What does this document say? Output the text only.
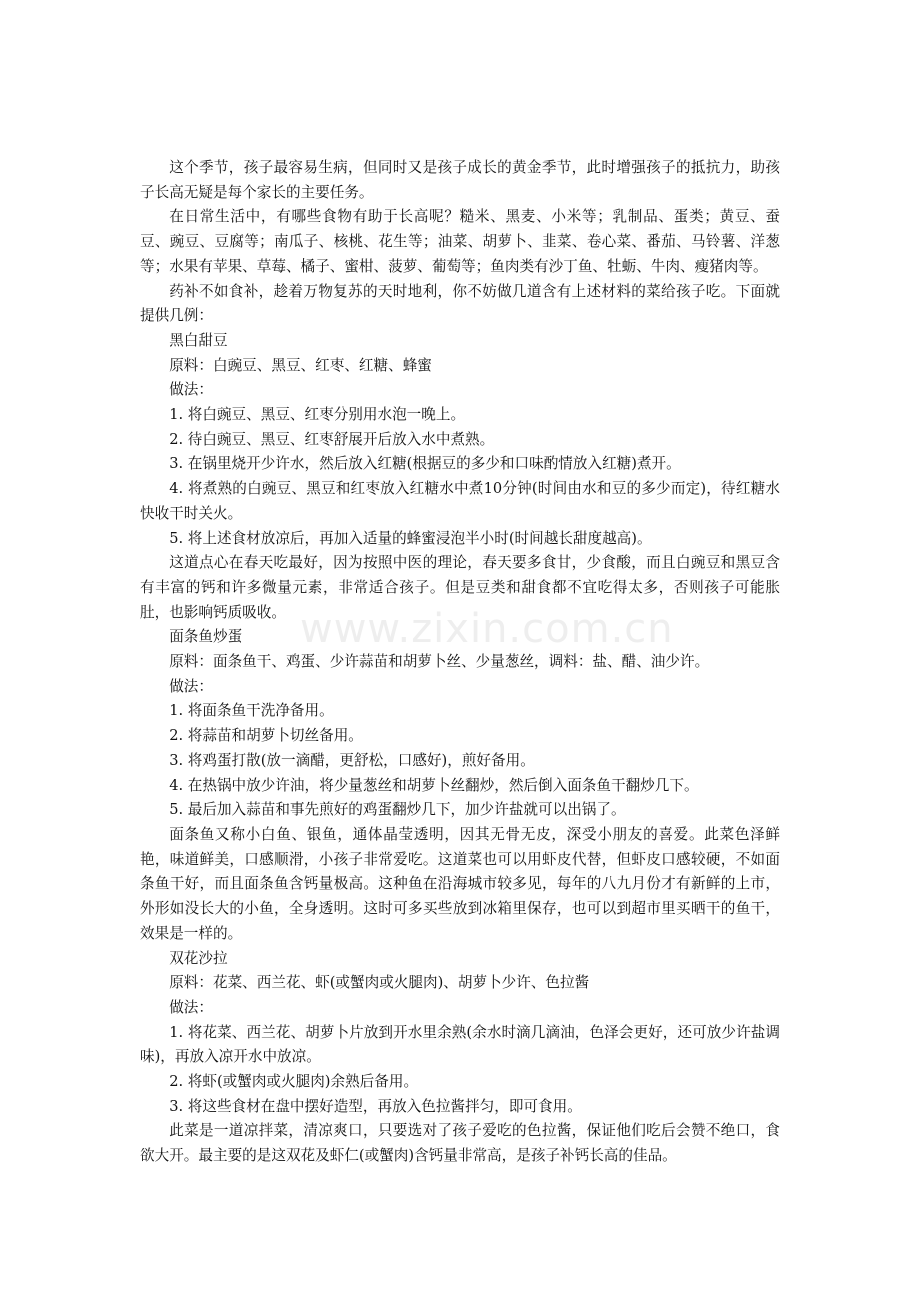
www.zixin.com.cn

这个季节，孩子最容易生病，但同时又是孩子成长的黄金季节，此时增强孩子的抵抗力，助孩子长高无疑是每个家长的主要任务。

在日常生活中，有哪些食物有助于长高呢？糙米、黑麦、小米等；乳制品、蛋类；黄豆、蚕豆、豌豆、豆腐等；南瓜子、核桃、花生等；油菜、胡萝卜、韭菜、卷心菜、番茄、马铃薯、洋葱等；水果有苹果、草莓、橘子、蜜柑、菠萝、葡萄等；鱼肉类有沙丁鱼、牡蛎、牛肉、瘦猪肉等。

药补不如食补，趁着万物复苏的天时地利，你不妨做几道含有上述材料的菜给孩子吃。下面就提供几例：

黑白甜豆

原料：白豌豆、黑豆、红枣、红糖、蜂蜜

做法：

1. 将白豌豆、黑豆、红枣分别用水泡一晚上。

2. 待白豌豆、黑豆、红枣舒展开后放入水中煮熟。

3. 在锅里烧开少许水，然后放入红糖(根据豆的多少和口味酌情放入红糖)煮开。

4. 将煮熟的白豌豆、黑豆和红枣放入红糖水中煮10分钟(时间由水和豆的多少而定)，待红糖水快收干时关火。

5. 将上述食材放凉后，再加入适量的蜂蜜浸泡半小时(时间越长甜度越高)。

这道点心在春天吃最好，因为按照中医的理论，春天要多食甘，少食酸，而且白豌豆和黑豆含有丰富的钙和许多微量元素，非常适合孩子。但是豆类和甜食都不宜吃得太多，否则孩子可能胀肚，也影响钙质吸收。

面条鱼炒蛋

原料：面条鱼干、鸡蛋、少许蒜苗和胡萝卜丝、少量葱丝，调料：盐、醋、油少许。

做法：

1. 将面条鱼干洗净备用。

2. 将蒜苗和胡萝卜切丝备用。

3. 将鸡蛋打散(放一滴醋，更舒松，口感好)，煎好备用。

4. 在热锅中放少许油，将少量葱丝和胡萝卜丝翻炒，然后倒入面条鱼干翻炒几下。

5. 最后加入蒜苗和事先煎好的鸡蛋翻炒几下，加少许盐就可以出锅了。

面条鱼又称小白鱼、银鱼，通体晶莹透明，因其无骨无皮，深受小朋友的喜爱。此菜色泽鲜艳，味道鲜美，口感顺滑，小孩子非常爱吃。这道菜也可以用虾皮代替，但虾皮口感较硬，不如面条鱼干好，而且面条鱼含钙量极高。这种鱼在沿海城市较多见，每年的八九月份才有新鲜的上市，外形如没长大的小鱼，全身透明。这时可多买些放到冰箱里保存，也可以到超市里买晒干的鱼干，效果是一样的。

双花沙拉

原料：花菜、西兰花、虾(或蟹肉或火腿肉)、胡萝卜少许、色拉酱

做法：

1. 将花菜、西兰花、胡萝卜片放到开水里余熟(余水时滴几滴油，色泽会更好，还可放少许盐调味)，再放入凉开水中放凉。

2. 将虾(或蟹肉或火腿肉)余熟后备用。

3. 将这些食材在盘中摆好造型，再放入色拉酱拌匀，即可食用。

此菜是一道凉拌菜，清凉爽口，只要选对了孩子爱吃的色拉酱，保证他们吃后会赞不绝口，食欲大开。最主要的是这双花及虾仁(或蟹肉)含钙量非常高，是孩子补钙长高的佳品。
